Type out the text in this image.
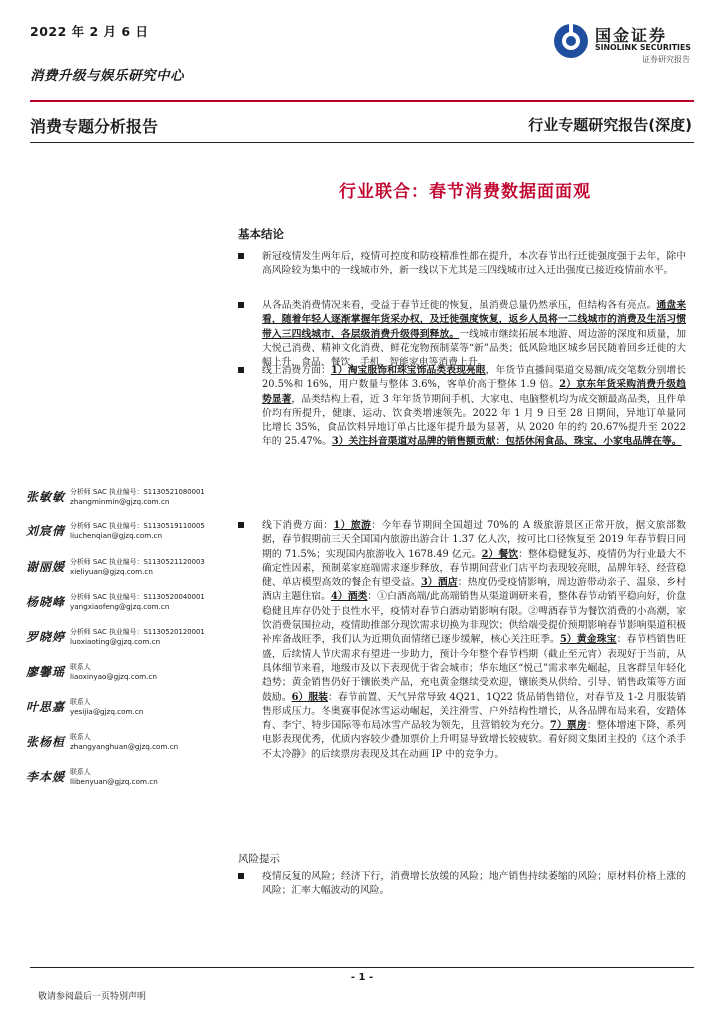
2022 年 2 月 6 日	国金证券
SINOLINK SECURITIES
证券研究报告
消费升级与娱乐研究中心
消费专题分析报告	行业专题研究报告(深度)
行业联合：春节消费数据面面观
基本结论
新冠疫情发生两年后，疫情可控度和防疫精准性都在提升，本次春节出行迁徙强度强于去年，除中高风险较为集中的一线城市外，新一线以下尤其是三四线城市过入迁出强度已接近疫情前水平。
从各品类消费情况来看，受益于春节迁徙的恢复，虽消费总量仍然承压，但结构各有亮点。通盘来看，随着年轻人逐渐掌握年货采办权，及迁徙强度恢复，返乡人员将一二线城市的消费及生活习惯带入三四线城市，各层级消费升级得到释放。一线城市继续拓展本地游、周边游的深度和质量，加大悦己消费、精神文化消费、鲜花宠物预制菜等“新”品类；低风险地区城乡居民随着回乡迁徙的大幅上升，食品、餐饮、手机、智能家电等消费上升。
线上消费方面：1）淘宝服饰和珠宝饰品类表现亮眼，年货节直播间渠道交易额/成交笔数分别增长 20.5%和 16%，用户数量与整体 3.6%，客单价高于整体 1.9 倍。2）京东年货采购消费升级趋势显著，品类结构上看，近 3 年年货节期间手机、大家电、电脑整机均为成交额最高品类，且件单价均有所提升，健康、运动、饮食类增速领先。2022 年 1 月 9 日至 28 日期间，异地订单量同比增长 35%，食品饮料异地订单占比逐年提升最为显著，从 2020 年的约 20.67%提升至 2022 年的 25.47%。3）关注抖音渠道对品牌的销售额贡献：包括休闲食品、珠宝、小家电品牌在等。
线下消费方面：1）旅游：今年春节期间全国超过 70%的 A 级旅游景区正常开放，据文旅部数据，春节假期前三天全国国内旅游出游合计 1.37 亿人次，按可比口径恢复至 2019 年春节假日同期的 71.5%；实现国内旅游收入 1678.49 亿元。2）餐饮：整体稳健复苏、疫情仍为行业最大不确定性因素，预制菜家庭端需求逐步释放，春节期间营业门店平均表现较亮眼，品牌年轻、经营稳健、单店模型高效的餐企有望受益。3）酒店：热度仍受疫情影响，周边游带动亲子、温泉、乡村酒店主题住宿。4）酒类：①白酒高端/此高端销售从渠道调研来看，整体春节动销平稳向好，价盘稳健且库存仍处于良性水平，疫情对春节白酒动销影响有限。②啤酒春节为餐饮消费的小高潮，家饮消费氛围拉动，疫情助推部分现饮需求切换为非现饮；供给端受提价预期影响春节影响渠道积极补库备战旺季，我们认为近期负面情绪已逐步缓解，核心关注旺季。5）黄金珠宝：春节档销售旺盛，后续情人节庆需求有望进一步助力，预计今年整个春节档期（截止至元宵）表现好于当前，从具体细节来看，地级市及以下表现优于省会城市；华东地区“悦己”需求率先崛起，且客群呈年轻化趋势；黄金销售仍好于镶嵌类产品，充电黄金继续受欢迎，镶嵌类从供给、引导、销售政策等方面鼓励。6）服装：春节前置、天气异常导致 4Q21、1Q22 货品销售错位，对春节及 1-2 月服装销售形成压力。冬奥赛事促冰雪运动崛起，关注滑雪、户外结构性增长，从各品牌布局来看，安踏体育、李宁、特步国际等布局冰雪产品较为领先，且营销较为充分。7）票房：整体增速下降，系列电影表现优秀，优质内容较少叠加票价上升明显导致增长较疲软。看好阅文集团主投的《这个杀手不太冷静》的后续票房表现及其在动画 IP 中的竞争力。
风险提示
疫情反复的风险；经济下行，消费增长放缓的风险；地产销售持续萎缩的风险；原材料价格上涨的风险；汇率大幅波动的风险。
张敏敏 分析师 SAC 执业编号：S1130521080001
zhangminmin@gjzq.com.cn
刘宸倩 分析师 SAC 执业编号：S1130519110005
liuchenqian@gjzq.com.cn
谢丽媛 分析师 SAC 执业编号：S1130521120003
xieliyuan@gjzq.com.cn
杨晓峰 分析师 SAC 执业编号：S1130520040001
yangxiaofeng@gjzq.com.cn
罗晓婷 分析师 SAC 执业编号：S1130520120001
luoxiaoting@gjzq.com.cn
廖馨瑶 联系人
liaoxinyao@gjzq.com.cn
叶思嘉 联系人
yesijia@gjzq.com.cn
张杨桓 联系人
zhangyanghuan@gjzq.com.cn
李本媛 联系人
llibenyuan@gjzq.com.cn
- 1 -
敬请参阅最后一页特别声明
